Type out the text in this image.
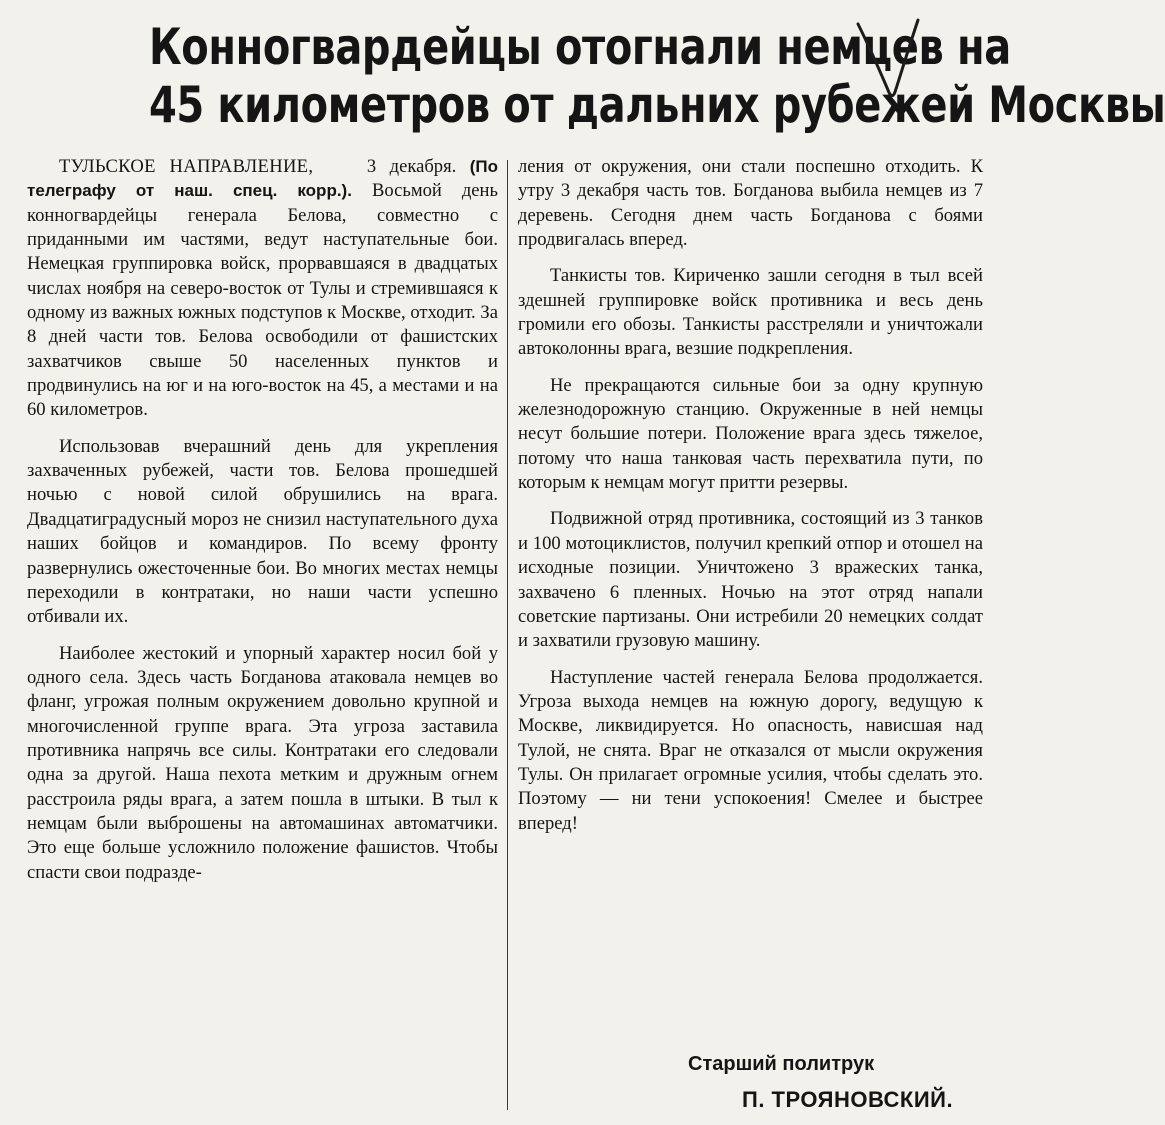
Конногвардейцы отогнали немцев на
45 километров от дальних рубежей Москвы

ТУЛЬСКОЕ НАПРАВЛЕНИЕ,	3 декабря. (По телеграфу от наш. спец. корр.). Восьмой день конногвардейцы генерала Белова, совместно с приданными им частями, ведут наступательные бои. Немецкая группировка войск, прорвавшаяся в двадцатых числах ноября на северо-восток от Тулы и стремившаяся к одному из важных южных подступов к Москве, отходит. За 8 дней части тов. Белова освободили от фашистских захватчиков свыше 50 населенных пунктов и продвинулись на юг и на юго-восток на 45, а местами и на 60 километров.

Использовав вчерашний день для укрепления захваченных рубежей, части тов. Белова прошедшей ночью с новой силой обрушились на врага. Двадцатиградусный мороз не снизил наступательного духа наших бойцов и командиров. По всему фронту развернулись ожесточенные бои. Во многих местах немцы переходили в контратаки, но наши части успешно отбивали их.

Наиболее жестокий и упорный характер носил бой у одного села. Здесь часть Богданова атаковала немцев во фланг, угрожая полным окружением довольно крупной и многочисленной группе врага. Эта угроза заставила противника напрячь все силы. Контратаки его следовали одна за другой. Наша пехота метким и дружным огнем расстроила ряды врага, а затем пошла в штыки. В тыл к немцам были выброшены на автомашинах автоматчики. Это еще больше усложнило положение фашистов. Чтобы спасти свои подразде-

ления от окружения, они стали поспешно отходить. К утру 3 декабря часть тов. Богданова выбила немцев из 7 деревень. Сегодня днем часть Богданова с боями продвигалась вперед.

Танкисты тов. Кириченко зашли сегодня в тыл всей здешней группировке войск противника и весь день громили его обозы. Танкисты расстреляли и уничтожали автоколонны врага, везшие подкрепления.

Не прекращаются сильные бои за одну крупную железнодорожную станцию. Окруженные в ней немцы несут большие потери. Положение врага здесь тяжелое, потому что наша танковая часть перехватила пути, по которым к немцам могут притти резервы.

Подвижной отряд противника, состоящий из 3 танков и 100 мотоциклистов, получил крепкий отпор и отошел на исходные позиции. Уничтожено 3 вражеских танка, захвачено 6 пленных. Ночью на этот отряд напали советские партизаны. Они истребили 20 немецких солдат и захватили грузовую машину.

Наступление частей генерала Белова продолжается. Угроза выхода немцев на южную дорогу, ведущую к Москве, ликвидируется. Но опасность, нависшая над Тулой, не снята. Враг не отказался от мысли окружения Тулы. Он прилагает огромные усилия, чтобы сделать это. Поэтому — ни тени успокоения! Смелее и быстрее вперед!

Старший политрук
П. ТРОЯНОВСКИЙ.
